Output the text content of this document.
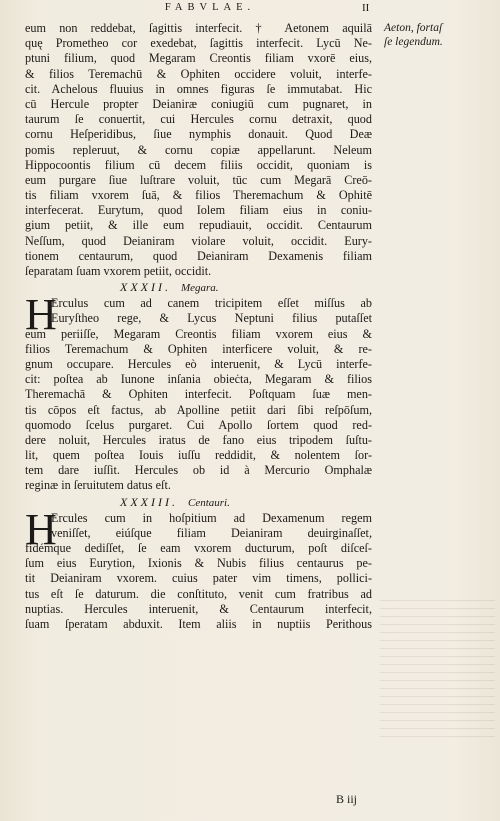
FABVLAE.	II
Aeton, fortaſ
ſe legendum.
eum non reddebat, ſagittis interfecit. † Aetonem aquilā
quę Prometheo cor exedebat, ſagittis interfecit. Lycū Ne-
ptuni filium, quod Megaram Creontis filiam vxorē eius,
& filios Teremachū & Ophiten occidere voluit, interfe-
cit. Achelous fluuius in omnes figuras ſe immutabat. Hic
cū Hercule propter Deianiræ coniugiū cum pugnaret, in
taurum ſe conuertit, cui Hercules cornu detraxit, quod
cornu Heſperidibus, ſiue nymphis donauit. Quod Deæ
pomis repleruut, & cornu copiæ appellarunt. Neleum
Hippocoontis filium cū decem filiis occidit, quoniam is
eum purgare ſiue luſtrare voluit, tūc cum Megarā Creō-
tis filiam vxorem ſuā, & filios Theremachum & Ophitē
interfecerat. Eurytum, quod Iolem filiam eius in coniu-
gium petiit, & ille eum repudiauit, occidit. Centaurum
Neſſum, quod Deianiram violare voluit, occidit. Eury-
tionem centaurum, quod Deianiram Dexamenis filiam
ſeparatam ſuam vxorem petiit, occidit.
XXXII. Megara.
H
Erculus cum ad canem tricipitem eſſet miſſus ab
Euryſtheo rege, & Lycus Neptuni filius putaſſet
eum periiſſe, Megaram Creontis filiam vxorem eius &
filios Teremachum & Ophiten interficere voluit, & re-
gnum occupare. Hercules eò interuenit, & Lycū interfe-
cit: poſtea ab Iunone inſania obieċta, Megaram & filios
Theremachā & Ophiten interfecit. Poſtquam ſuæ men-
tis cōpos eſt factus, ab Apolline petiit dari ſibi reſpōſum,
quomodo ſcelus purgaret. Cui Apollo ſortem quod red-
dere noluit, Hercules iratus de fano eius tripodem ſuſtu-
lit, quem poſtea Iouis iuſſu reddidit, & nolentem ſor-
tem dare iuſſit. Hercules ob id à Mercurio Omphalæ
reginæ in ſeruitutem datus eſt.
XXXIII. Centauri.
H
Ercules cum in hoſpitium ad Dexamenum regem
veniſſet, eiúſque filiam Deianiram deuirginaſſet,
fidémque dediſſet, ſe eam vxorem ducturum, poſt diſceſ-
ſum eius Eurytion, Ixionis & Nubis filius centaurus pe-
tit Deianiram vxorem. cuius pater vim timens, pollici-
tus eſt ſe daturum. die conſtituto, venit cum fratribus ad
nuptias. Hercules interuenit, & Centaurum interfecit,
ſuam ſperatam abduxit. Item aliis in nuptiis Perithous
B iij
